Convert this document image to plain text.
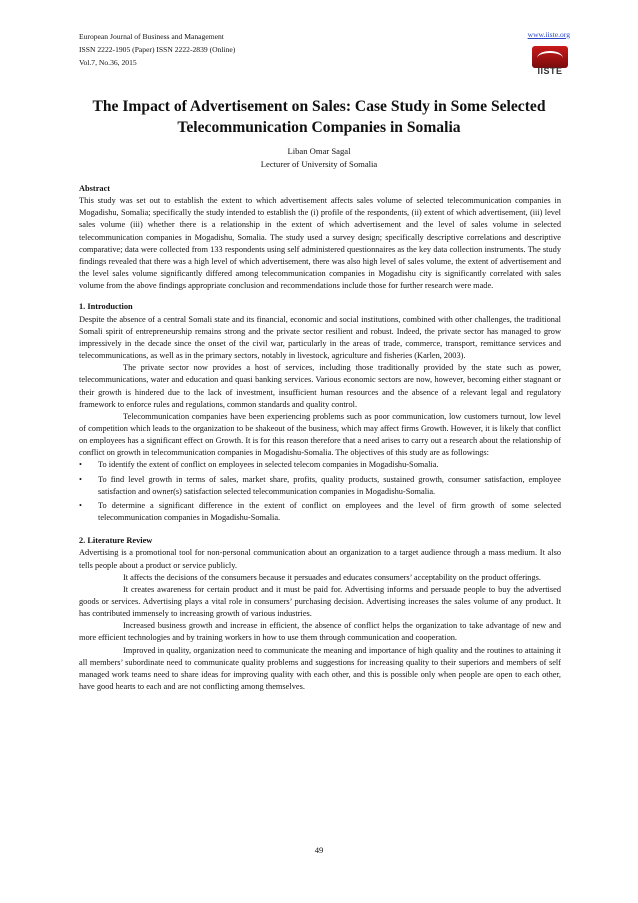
European Journal of Business and Management
ISSN 2222-1905 (Paper) ISSN 2222-2839 (Online)
Vol.7, No.36, 2015
www.iiste.org
IISTE
The Impact of Advertisement on Sales: Case Study in Some Selected Telecommunication Companies in Somalia
Liban Omar Sagal
Lecturer of University of Somalia

Abstract

This study was set out to establish the extent to which advertisement affects sales volume of selected telecommunication companies in Mogadishu, Somalia; specifically the study intended to establish the (i) profile of the respondents, (ii) extent of which advertisement, (iii) level sales volume (iii) whether there is a relationship in the extent of which advertisement and the level of sales volume in selected telecommunication companies in Mogadishu, Somalia. The study used a survey design; specifically descriptive correlations and descriptive comparative; data were collected from 133 respondents using self administered questionnaires as the key data collection instruments. The study findings revealed that there was a high level of which advertisement, there was also high level of sales volume, the extent of advertisement and the level sales volume significantly differed among telecommunication companies in Mogadishu city is significantly correlated with sales volume from the above findings appropriate conclusion and recommendations include those for further research were made.

1. Introduction

Despite the absence of a central Somali state and its financial, economic and social institutions, combined with other challenges, the traditional Somali spirit of entrepreneurship remains strong and the private sector resilient and robust. Indeed, the private sector has managed to grow impressively in the decade since the onset of the civil war, particularly in the areas of trade, commerce, transport, remittance services and telecommunications, as well as in the primary sectors, notably in livestock, agriculture and fisheries (Karlen, 2003).

The private sector now provides a host of services, including those traditionally provided by the state such as power, telecommunications, water and education and quasi banking services. Various economic sectors are now, however, becoming either stagnant or their growth is hindered due to the lack of investment, insufficient human resources and the absence of a relevant legal and regulatory framework to enforce rules and regulations, common standards and quality control.

Telecommunication companies have been experiencing problems such as poor communication, low customers turnout, low level of competition which leads to the organization to be shakeout of the business, which may affect firms Growth. However, it is likely that conflict on employees has a significant effect on Growth. It is for this reason therefore that a need arises to carry out a research about the relationship of conflict on growth in telecommunication companies in Mogadishu-Somalia. The objectives of this study are as followings:

• To identify the extent of conflict on employees in selected telecom companies in Mogadishu-Somalia.
• To find level growth in terms of sales, market share, profits, quality products, sustained growth, consumer satisfaction, employee satisfaction and owner(s) satisfaction selected telecommunication companies in Mogadishu-Somalia.
• To determine a significant difference in the extent of conflict on employees and the level of firm growth of some selected telecommunication companies in Mogadishu-Somalia.

2. Literature Review

Advertising is a promotional tool for non-personal communication about an organization to a target audience through a mass medium. It also tells people about a product or service publicly.

It affects the decisions of the consumers because it persuades and educates consumers’ acceptability on the product offerings.

It creates awareness for certain product and it must be paid for. Advertising informs and persuade people to buy the advertised goods or services. Advertising plays a vital role in consumers’ purchasing decision. Advertising increases the sales volume of any product. It has contributed immensely to increasing growth of various industries.

Increased business growth and increase in efficient, the absence of conflict helps the organization to take advantage of new and more efficient technologies and by training workers in how to use them through communication and cooperation.

Improved in quality, organization need to communicate the meaning and importance of high quality and the routines to attaining it all members’ subordinate need to communicate quality problems and suggestions for increasing quality to their superiors and members of self managed work teams need to share ideas for improving quality with each other, and this is possible only when people are open to each other, have good hearts to each and are not conflicting among themselves.

49
